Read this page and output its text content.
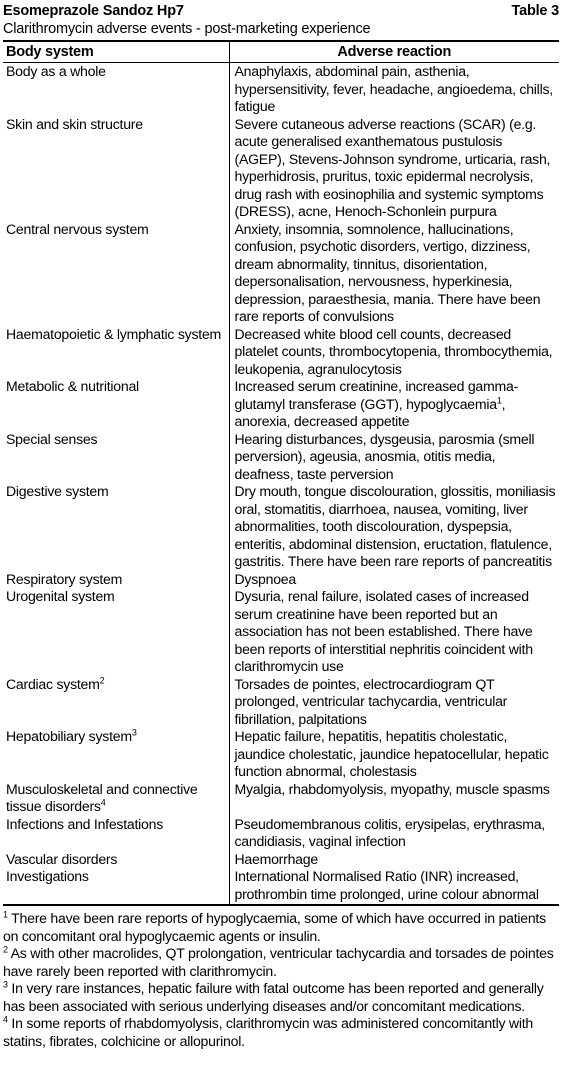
Esomeprazole Sandoz Hp7	Table 3
Clarithromycin adverse events - post-marketing experience
Body system	Adverse reaction
Body as a whole	Anaphylaxis, abdominal pain, asthenia, hypersensitivity, fever, headache, angioedema, chills, fatigue
Skin and skin structure	Severe cutaneous adverse reactions (SCAR) (e.g. acute generalised exanthematous pustulosis (AGEP), Stevens-Johnson syndrome, urticaria, rash, hyperhidrosis, pruritus, toxic epidermal necrolysis, drug rash with eosinophilia and systemic symptoms (DRESS), acne, Henoch-Schonlein purpura
Central nervous system	Anxiety, insomnia, somnolence, hallucinations, confusion, psychotic disorders, vertigo, dizziness, dream abnormality, tinnitus, disorientation, depersonalisation, nervousness, hyperkinesia, depression, paraesthesia, mania. There have been rare reports of convulsions
Haematopoietic & lymphatic system	Decreased white blood cell counts, decreased platelet counts, thrombocytopenia, thrombocythemia, leukopenia, agranulocytosis
Metabolic & nutritional	Increased serum creatinine, increased gamma-glutamyl transferase (GGT), hypoglycaemia$^1$, anorexia, decreased appetite
Special senses	Hearing disturbances, dysgeusia, parosmia (smell perversion), ageusia, anosmia, otitis media, deafness, taste perversion
Digestive system	Dry mouth, tongue discolouration, glossitis, moniliasis oral, stomatitis, diarrhoea, nausea, vomiting, liver abnormalities, tooth discolouration, dyspepsia, enteritis, abdominal distension, eructation, flatulence, gastritis. There have been rare reports of pancreatitis
Respiratory system	Dyspnoea
Urogenital system	Dysuria, renal failure, isolated cases of increased serum creatinine have been reported but an association has not been established. There have been reports of interstitial nephritis coincident with clarithromycin use
Cardiac system$^2$	Torsades de pointes, electrocardiogram QT prolonged, ventricular tachycardia, ventricular fibrillation, palpitations
Hepatobiliary system$^3$	Hepatic failure, hepatitis, hepatitis cholestatic, jaundice cholestatic, jaundice hepatocellular, hepatic function abnormal, cholestasis
Musculoskeletal and connective tissue disorders$^4$	Myalgia, rhabdomyolysis, myopathy, muscle spasms
Infections and Infestations	Pseudomembranous colitis, erysipelas, erythrasma, candidiasis, vaginal infection
Vascular disorders	Haemorrhage
Investigations	International Normalised Ratio (INR) increased, prothrombin time prolonged, urine colour abnormal

$^1$ There have been rare reports of hypoglycaemia, some of which have occurred in patients on concomitant oral hypoglycaemic agents or insulin.

$^2$ As with other macrolides, QT prolongation, ventricular tachycardia and torsades de pointes have rarely been reported with clarithromycin.

$^3$ In very rare instances, hepatic failure with fatal outcome has been reported and generally has been associated with serious underlying diseases and/or concomitant medications.

$^4$ In some reports of rhabdomyolysis, clarithromycin was administered concomitantly with statins, fibrates, colchicine or allopurinol.
